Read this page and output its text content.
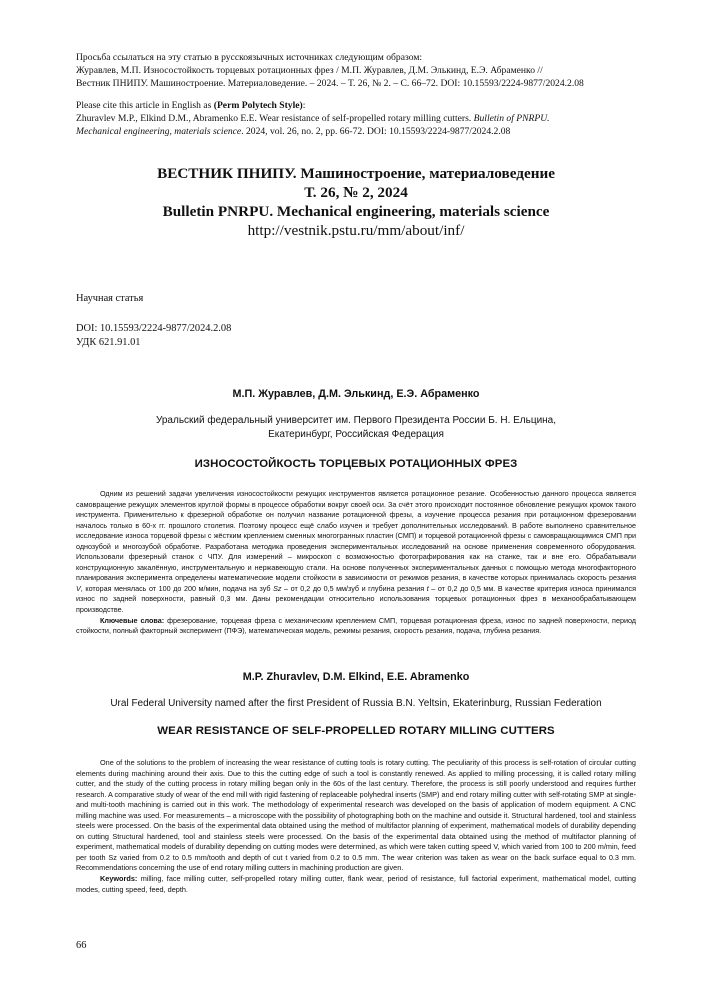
Просьба ссылаться на эту статью в русскоязычных источниках следующим образом:

Журавлев, М.П. Износостойкость торцевых ротационных фрез / М.П. Журавлев, Д.М. Элькинд, Е.Э. Абраменко //

Вестник ПНИПУ. Машиностроение. Материаловедение. – 2024. – Т. 26, № 2. – С. 66–72. DOI: 10.15593/2224-9877/2024.2.08

Please cite this article in English as (Perm Polytech Style):

Zhuravlev M.P., Elkind D.M., Abramenko E.E. Wear resistance of self-propelled rotary milling cutters. Bulletin of PNRPU.

Mechanical engineering, materials science. 2024, vol. 26, no. 2, pp. 66-72. DOI: 10.15593/2224-9877/2024.2.08

ВЕСТНИК ПНИПУ. Машиностроение, материаловедение
Т. 26, № 2, 2024
Bulletin PNRPU. Mechanical engineering, materials science
http://vestnik.pstu.ru/mm/about/inf/
Научная статья
DOI: 10.15593/2224-9877/2024.2.08
УДК 621.91.01
М.П. Журавлев, Д.М. Элькинд, Е.Э. Абраменко
Уральский федеральный университет им. Первого Президента России Б. Н. Ельцина,
Екатеринбург, Российская Федерация
ИЗНОСОСТОЙКОСТЬ ТОРЦЕВЫХ РОТАЦИОННЫХ ФРЕЗ

Одним из решений задачи увеличения износостойкости режущих инструментов является ротационное резание. Особенностью данного процесса является самовращение режущих элементов круглой формы в процессе обработки вокруг своей оси. За счёт этого происходит постоянное обновление режущих кромок такого инструмента. Применительно к фрезерной обработке он получил название ротационной фрезы, а изучение процесса резания при ротационном фрезеровании началось только в 60-х гг. прошлого столетия. Поэтому процесс ещё слабо изучен и требует дополнительных исследований. В работе выполнено сравнительное исследование износа торцевой фрезы с жёстким креплением сменных многогранных пластин (СМП) и торцевой ротационной фрезы с самовращающимися СМП при однозубой и многозубой обработке. Разработана методика проведения экспериментальных исследований на основе применения современного оборудования. Использовали фрезерный станок с ЧПУ. Для измерений – микроскоп с возможностью фотографирования как на станке, так и вне его. Обрабатывали конструкционную закалённую, инструментальную и нержавеющую стали. На основе полученных экспериментальных данных с помощью метода многофакторного планирования эксперимента определены математические модели стойкости в зависимости от режимов резания, в качестве которых принималась скорость резания V, которая менялась от 100 до 200 м/мин, подача на зуб Sz – от 0,2 до 0,5 мм/зуб и глубина резания t – от 0,2 до 0,5 мм. В качестве критерия износа принимался износ по задней поверхности, равный 0,3 мм. Даны рекомендации относительно использования торцевых ротационных фрез в механообрабатывающем производстве.

Ключевые слова: фрезерование, торцевая фреза с механическим креплением СМП, торцевая ротационная фреза, износ по задней поверхности, период стойкости, полный факторный эксперимент (ПФЭ), математическая модель, режимы резания, скорость резания, подача, глубина резания.

M.P. Zhuravlev, D.M. Elkind, E.E. Abramenko
Ural Federal University named after the first President of Russia B.N. Yeltsin, Ekaterinburg, Russian Federation
WEAR RESISTANCE OF SELF-PROPELLED ROTARY MILLING CUTTERS

One of the solutions to the problem of increasing the wear resistance of cutting tools is rotary cutting. The peculiarity of this process is self-rotation of circular cutting elements during machining around their axis. Due to this the cutting edge of such a tool is constantly renewed. As applied to milling processing, it is called rotary milling cutter, and the study of the cutting process in rotary milling began only in the 60s of the last century. Therefore, the process is still poorly understood and requires further research. A comparative study of wear of the end mill with rigid fastening of replaceable polyhedral inserts (SMP) and end rotary milling cutter with self-rotating SMP at single- and multi-tooth machining is carried out in this work. The methodology of experimental research was developed on the basis of application of modern equipment. A CNC milling machine was used. For measurements – a microscope with the possibility of photographing both on the machine and outside it. Structural hardened, tool and stainless steels were processed. On the basis of the experimental data obtained using the method of multifactor planning of experiment, mathematical models of durability depending on cutting Structural hardened, tool and stainless steels were processed. On the basis of the experimental data obtained using the method of multifactor planning of experiment, mathematical models of durability depending on cutting modes were determined, as which were taken cutting speed V, which varied from 100 to 200 m/min, feed per tooth Sz varied from 0.2 to 0.5 mm/tooth and depth of cut t varied from 0.2 to 0.5 mm. The wear criterion was taken as wear on the back surface equal to 0.3 mm. Recommendations concerning the use of end rotary milling cutters in machining production are given.

Keywords: milling, face milling cutter, self-propelled rotary milling cutter, flank wear, period of resistance, full factorial experiment, mathematical model, cutting modes, cutting speed, feed, depth.

66
